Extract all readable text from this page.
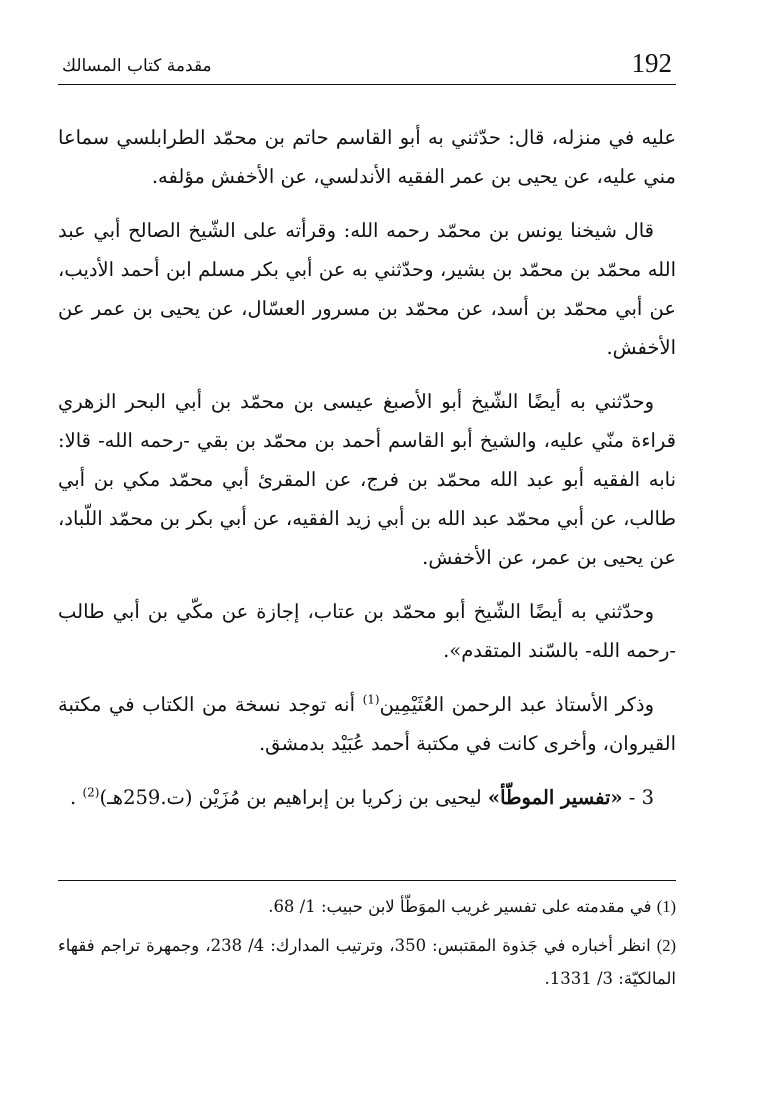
192
مقدمة كتاب المسالك

عليه في منزله، قال: حدّثني به أبو القاسم حاتم بن محمّد الطرابلسي سماعا مني عليه، عن يحيى بن عمر الفقيه الأندلسي، عن الأخفش مؤلفه.

قال شيخنا يونس بن محمّد رحمه الله: وقرأته على الشّيخ الصالح أبي عبد الله محمّد بن محمّد بن بشير، وحدّثني به عن أبي بكر مسلم ابن أحمد الأديب، عن أبي محمّد بن أسد، عن محمّد بن مسرور العسّال، عن يحيى بن عمر عن الأخفش.

وحدّثني به أيضًا الشّيخ أبو الأصبغ عيسى بن محمّد بن أبي البحر الزهري قراءة منّي عليه، والشيخ أبو القاسم أحمد بن محمّد بن بقي -رحمه الله- قالا: نابه الفقيه أبو عبد الله محمّد بن فرج، عن المقرئ أبي محمّد مكي بن أبي طالب، عن أبي محمّد عبد الله بن أبي زيد الفقيه، عن أبي بكر بن محمّد اللّباد، عن يحيى بن عمر، عن الأخفش.

وحدّثني به أيضًا الشّيخ أبو محمّد بن عتاب، إجازة عن مكّي بن أبي طالب -رحمه الله- بالسّند المتقدم».

وذكر الأستاذ عبد الرحمن العُثَيْمِين$^{(1)}$ أنه توجد نسخة من الكتاب في مكتبة القيروان، وأخرى كانت في مكتبة أحمد عُبَيْد بدمشق.

3 - «تفسير الموطّأ» ليحيى بن زكريا بن إبراهيم بن مُزَيْن (ت.259هـ)$^{(2)}$ .

(1) في مقدمته على تفسير غريب الموَطّأ لابن حبيب: 1/ 68.

(2) انظر أخباره في جَذوة المقتبس: 350، وترتيب المدارك: 4/ 238، وجمهرة تراجم فقهاء المالكيّة: 3/ 1331.
